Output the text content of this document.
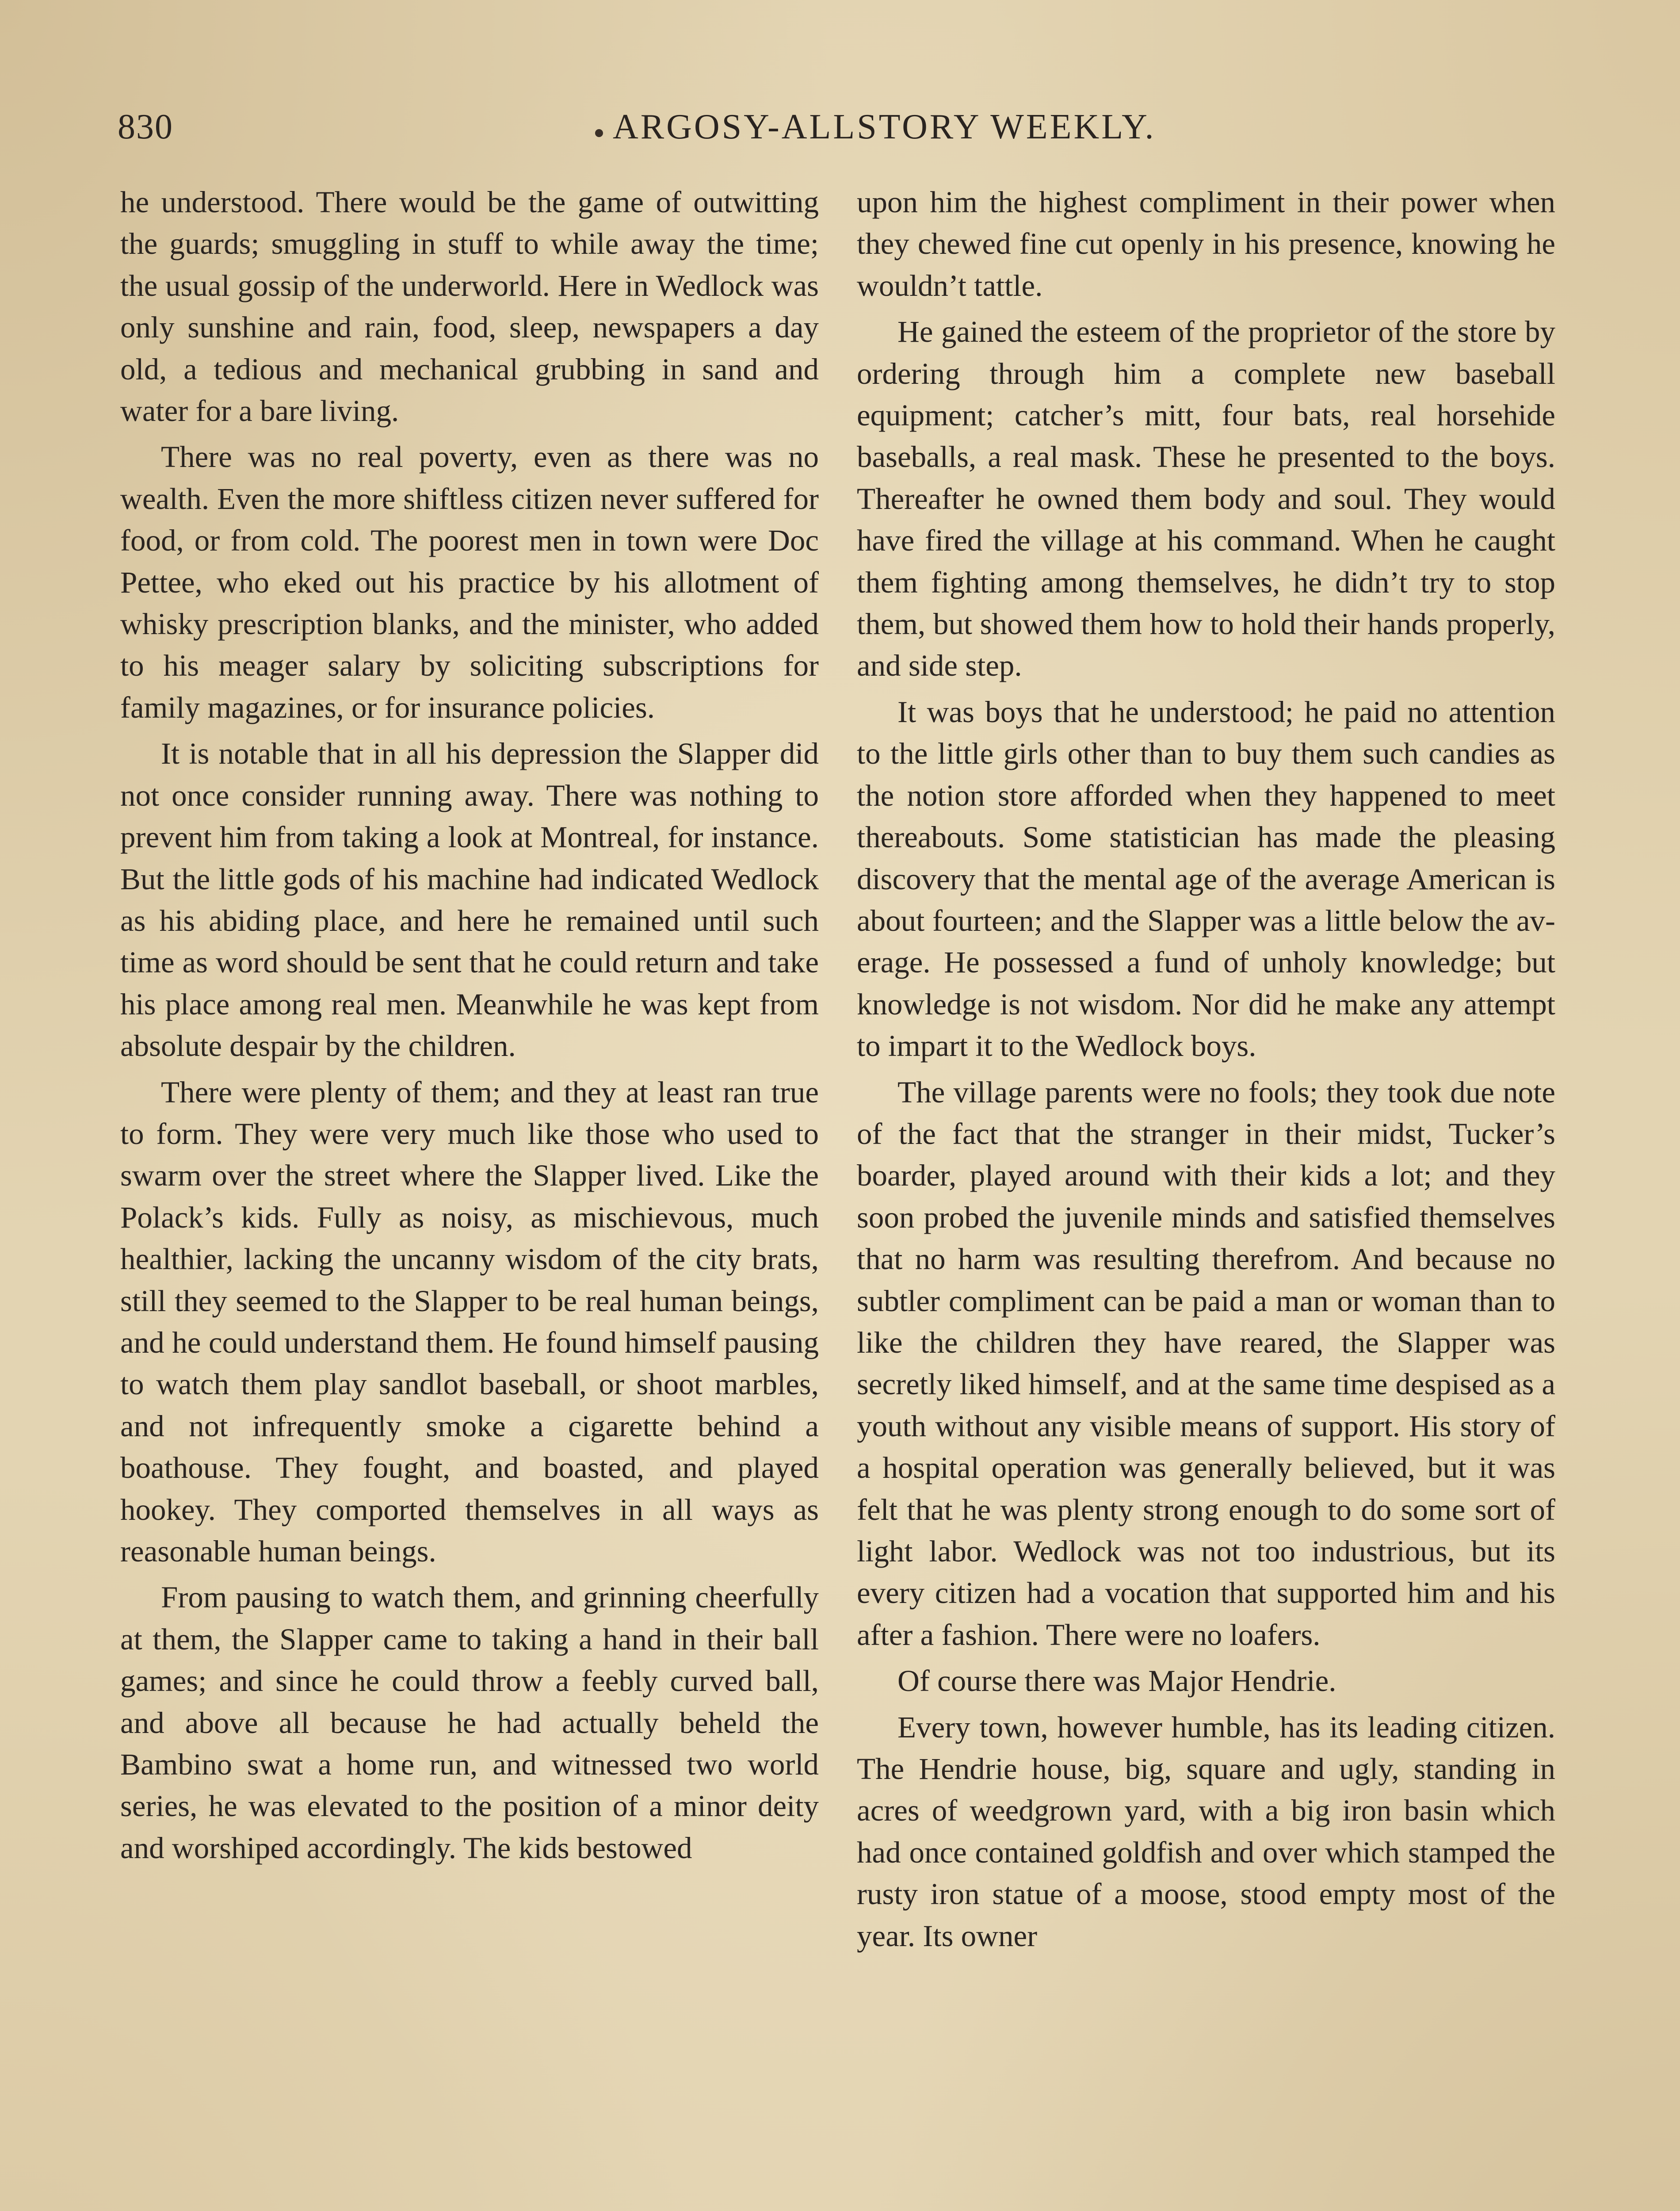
830	ARGOSY-ALLSTORY WEEKLY.

he understood. There would be the game of outwitting the guards; smuggling in stuff to while away the time; the usual gossip of the underworld. Here in Wedlock was only sunshine and rain, food, sleep, newspapers a day old, a tedious and mechanical grubbing in sand and water for a bare living.

There was no real poverty, even as there was no wealth. Even the more shiftless citizen never suffered for food, or from cold. The poorest men in town were Doc Pettee, who eked out his practice by his allotment of whisky prescription blanks, and the minister, who added to his meager salary by soliciting subscriptions for family magazines, or for insurance policies.

It is notable that in all his depression the Slapper did not once consider running away. There was nothing to prevent him from taking a look at Montreal, for instance. But the little gods of his machine had indicated Wedlock as his abiding place, and here he remained until such time as word should be sent that he could return and take his place among real men. Meanwhile he was kept from absolute despair by the children.

There were plenty of them; and they at least ran true to form. They were very much like those who used to swarm over the street where the Slapper lived. Like the Polack’s kids. Fully as noisy, as mischievous, much healthier, lacking the uncanny wisdom of the city brats, still they seemed to the Slapper to be real human beings, and he could understand them. He found himself pausing to watch them play sandlot baseball, or shoot marbles, and not infrequently smoke a cigarette behind a boathouse. They fought, and boasted, and played hookey. They comported themselves in all ways as reasonable human beings.

From pausing to watch them, and grinning cheerfully at them, the Slapper came to taking a hand in their ball games; and since he could throw a feebly curved ball, and above all because he had actually beheld the Bambino swat a home run, and witnessed two world series, he was elevated to the position of a minor deity and worshiped accordingly. The kids bestowed

upon him the highest compliment in their power when they chewed fine cut openly in his presence, knowing he wouldn’t tattle.

He gained the esteem of the proprietor of the store by ordering through him a complete new baseball equipment; catcher’s mitt, four bats, real horsehide baseballs, a real mask. These he presented to the boys. Thereafter he owned them body and soul. They would have fired the village at his command. When he caught them fighting among themselves, he didn’t try to stop them, but showed them how to hold their hands properly, and side step.

It was boys that he understood; he paid no attention to the little girls other than to buy them such candies as the notion store afforded when they happened to meet thereabouts. Some statistician has made the pleasing discovery that the mental age of the average American is about fourteen; and the Slapper was a little below the average. He possessed a fund of unholy knowledge; but knowledge is not wisdom. Nor did he make any attempt to impart it to the Wedlock boys.

The village parents were no fools; they took due note of the fact that the stranger in their midst, Tucker’s boarder, played around with their kids a lot; and they soon probed the juvenile minds and satisfied themselves that no harm was resulting therefrom. And because no subtler compliment can be paid a man or woman than to like the children they have reared, the Slapper was secretly liked himself, and at the same time despised as a youth without any visible means of support. His story of a hospital operation was generally believed, but it was felt that he was plenty strong enough to do some sort of light labor. Wedlock was not too industrious, but its every citizen had a vocation that supported him and his after a fashion. There were no loafers.

Of course there was Major Hendrie.

Every town, however humble, has its leading citizen. The Hendrie house, big, square and ugly, standing in acres of weedgrown yard, with a big iron basin which had once contained goldfish and over which stamped the rusty iron statue of a moose, stood empty most of the year. Its owner
